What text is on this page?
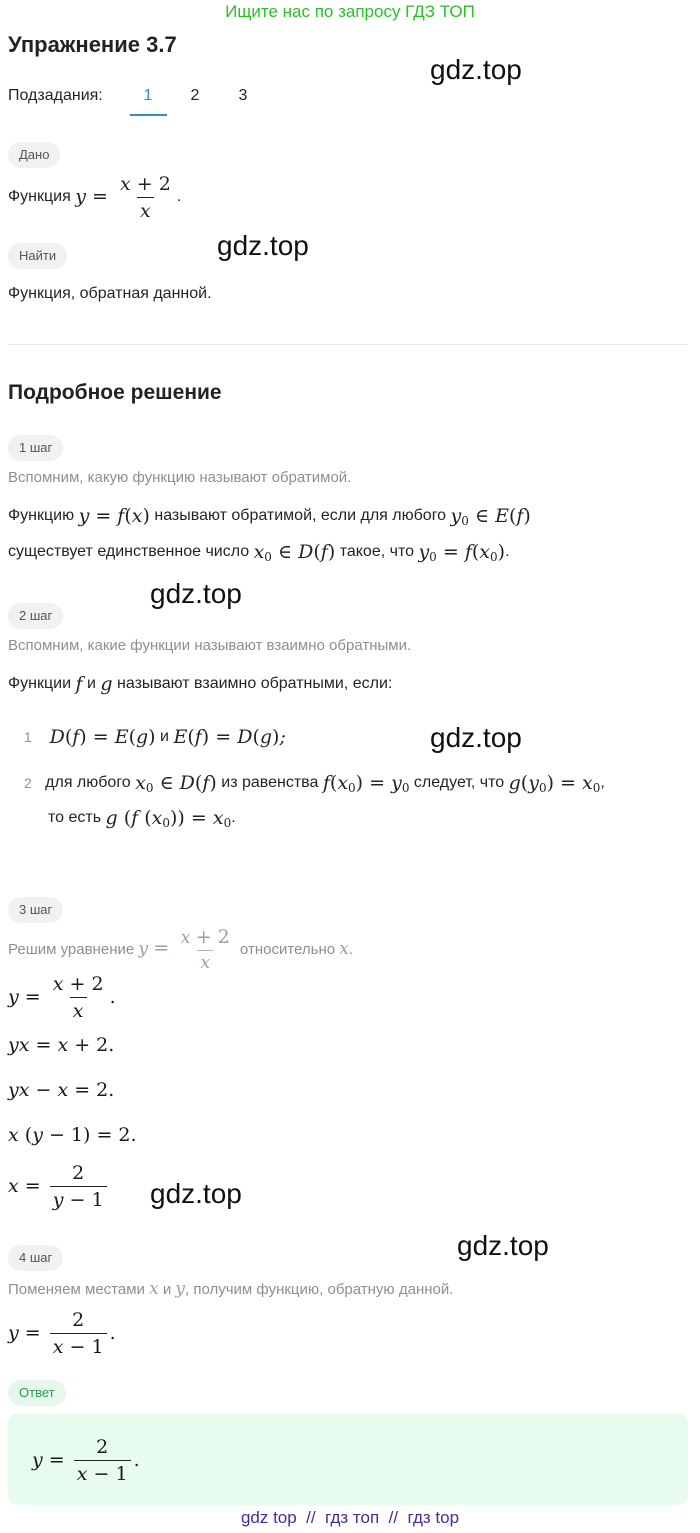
Ищите нас по запросу ГДЗ ТОП
Упражнение 3.7
gdz.top
Подзадания:	1	2	3
Дано
Функция
$y = \frac{x + 2}{x}$ .
gdz.top
Найти
Функция, обратная данной.
Подробное решение
1 шаг
Вспомним, какую функцию называют обратимой.
Функцию
y = f(x)
называют обратимой, если для любого
$y_0$ ∈ E(f)
существует единственное число
$x_0$ ∈ D(f)
такое, что
$y_0 = f(x_0)$ .
gdz.top
2 шаг
Вспомним, какие функции называют взаимно обратными.
Функции
f
и
g
называют взаимно обратными, если:
1
D(f) = E(g)
и
E(f) = D(g);	gdz.top
2
для любого
$x_0$ ∈ D(f)
из равенства
$f(x_0) = y_0$
следует, что
$g(y_0) = x_0$ ,
то есть
g (f $(x_0)) = x_0$ .
3 шаг
Решим уравнение
$y = \frac{x + 2}{x}$
относительно
x .
$y = \frac{x + 2}{x}$ .
yx = x + 2.
yx − x = 2.
x (y − 1) = 2.
$x = \frac{2}{y - 1} gdz.top$
gdz.top
4 шаг
Поменяем местами
x
и
y , получим функцию, обратную данной.
$y = \frac{2}{x - 1}$ .
Ответ
$y = \frac{2}{x - 1}$ .
gdz top  //  гдз топ  //  гдз top
